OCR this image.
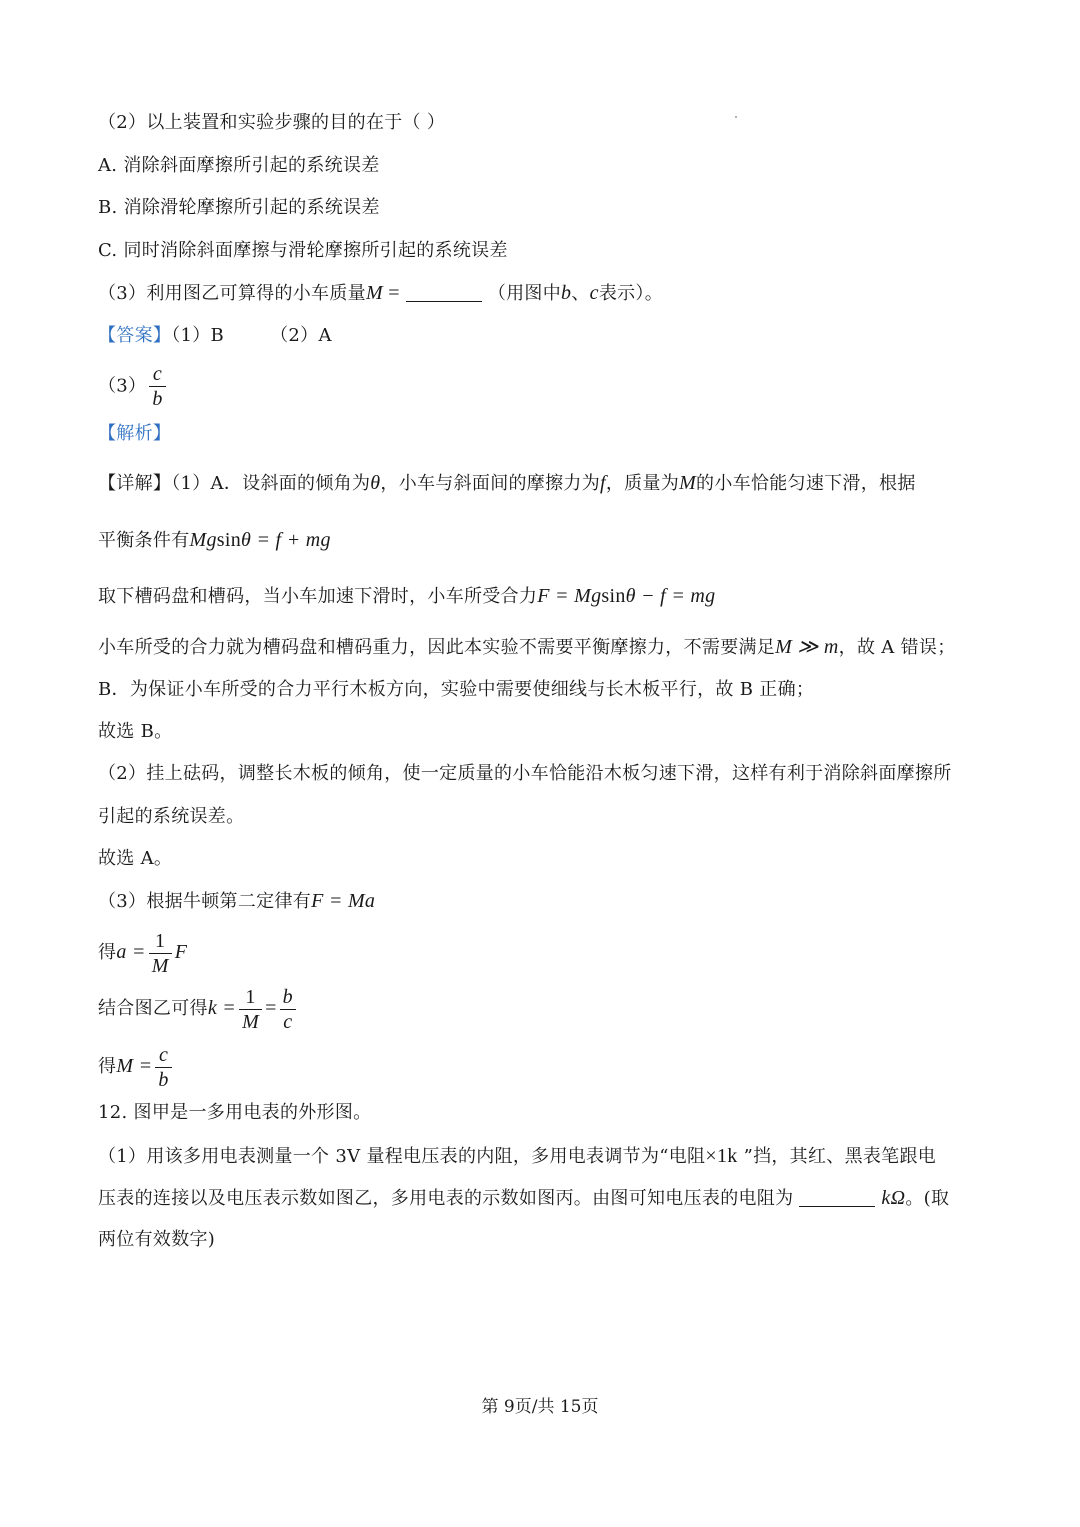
（2）以上装置和实验步骤的目的在于（ ）
A. 消除斜面摩擦所引起的系统误差
B. 消除滑轮摩擦所引起的系统误差
C. 同时消除斜面摩擦与滑轮摩擦所引起的系统误差
（3）利用图乙可算得的小车质量M =	（用图中b、c表示）。
【答案】（1）B	（2）A
$(3) \frac{c}{b}$
【解析】
【详解】（1）A．设斜面的倾角为θ，小车与斜面间的摩擦力为f，质量为M的小车恰能匀速下滑，根据
平衡条件有Mgsinθ = f + mg
取下槽码盘和槽码，当小车加速下滑时，小车所受合力F = Mgsinθ − f = mg
小车所受的合力就为槽码盘和槽码重力，因此本实验不需要平衡摩擦力，不需要满足M ≫ m，故 A 错误；
B．为保证小车所受的合力平行木板方向，实验中需要使细线与长木板平行，故 B 正确；
故选 B。
（2）挂上砝码，调整长木板的倾角，使一定质量的小车恰能沿木板匀速下滑，这样有利于消除斜面摩擦所
引起的系统误差。
故选 A。
（3）根据牛顿第二定律有F = Ma
得$a = \frac{1}{M}$ F
结合图乙可得$k = \frac{1}{M} = \frac{b}{c}$
得$M = \frac{c}{b}$
12. 图甲是一多用电表的外形图。
（1）用该多用电表测量一个 3V 量程电压表的内阻，多用电表调节为“电阻×1k ”挡，其红、黑表笔跟电
压表的连接以及电压表示数如图乙，多用电表的示数如图丙。由图可知电压表的电阻为	kΩ。(取
两位有效数字)
第 9页/共 15页
